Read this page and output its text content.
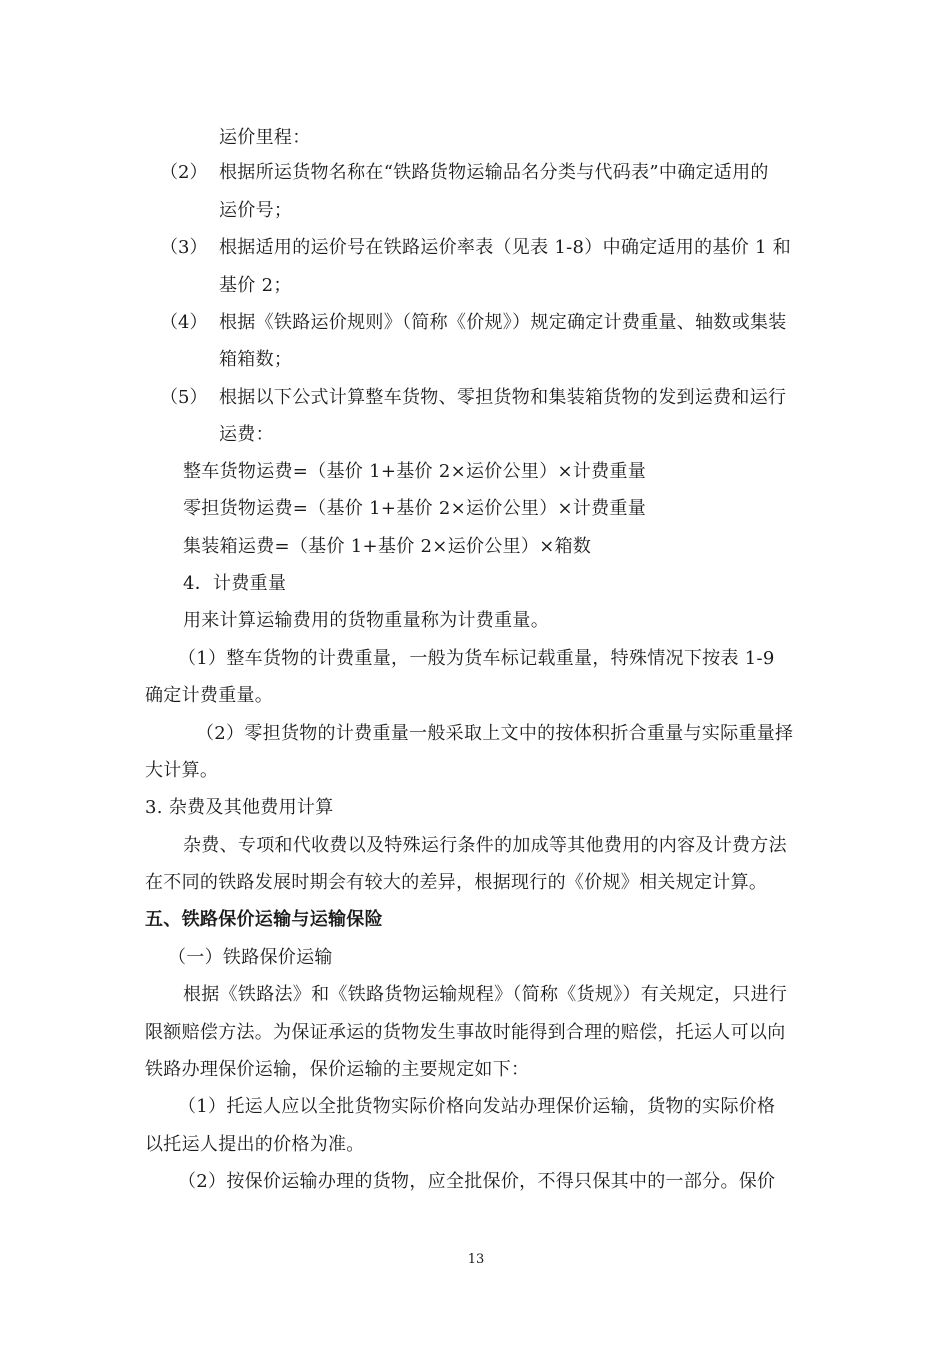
运价里程：
（2） 根据所运货物名称在“铁路货物运输品名分类与代码表”中确定适用的
运价号；
（3） 根据适用的运价号在铁路运价率表（见表 1-8）中确定适用的基价 1 和
基价 2；
（4） 根据《铁路运价规则》（简称《价规》）规定确定计费重量、轴数或集装
箱箱数；
（5） 根据以下公式计算整车货物、零担货物和集装箱货物的发到运费和运行
运费：
整车货物运费=（基价 1+基价 2×运价公里）×计费重量
零担货物运费=（基价 1+基价 2×运价公里）×计费重量
集装箱运费=（基价 1+基价 2×运价公里）×箱数
4．计费重量
用来计算运输费用的货物重量称为计费重量。
（1）整车货物的计费重量，一般为货车标记载重量，特殊情况下按表 1-9
确定计费重量。
（2）零担货物的计费重量一般采取上文中的按体积折合重量与实际重量择
大计算。
3. 杂费及其他费用计算
杂费、专项和代收费以及特殊运行条件的加成等其他费用的内容及计费方法
在不同的铁路发展时期会有较大的差异，根据现行的《价规》相关规定计算。
五、铁路保价运输与运输保险
（一）铁路保价运输
根据《铁路法》和《铁路货物运输规程》（简称《货规》）有关规定，只进行
限额赔偿方法。为保证承运的货物发生事故时能得到合理的赔偿，托运人可以向
铁路办理保价运输，保价运输的主要规定如下：
（1）托运人应以全批货物实际价格向发站办理保价运输，货物的实际价格
以托运人提出的价格为准。
（2）按保价运输办理的货物，应全批保价，不得只保其中的一部分。保价
13
